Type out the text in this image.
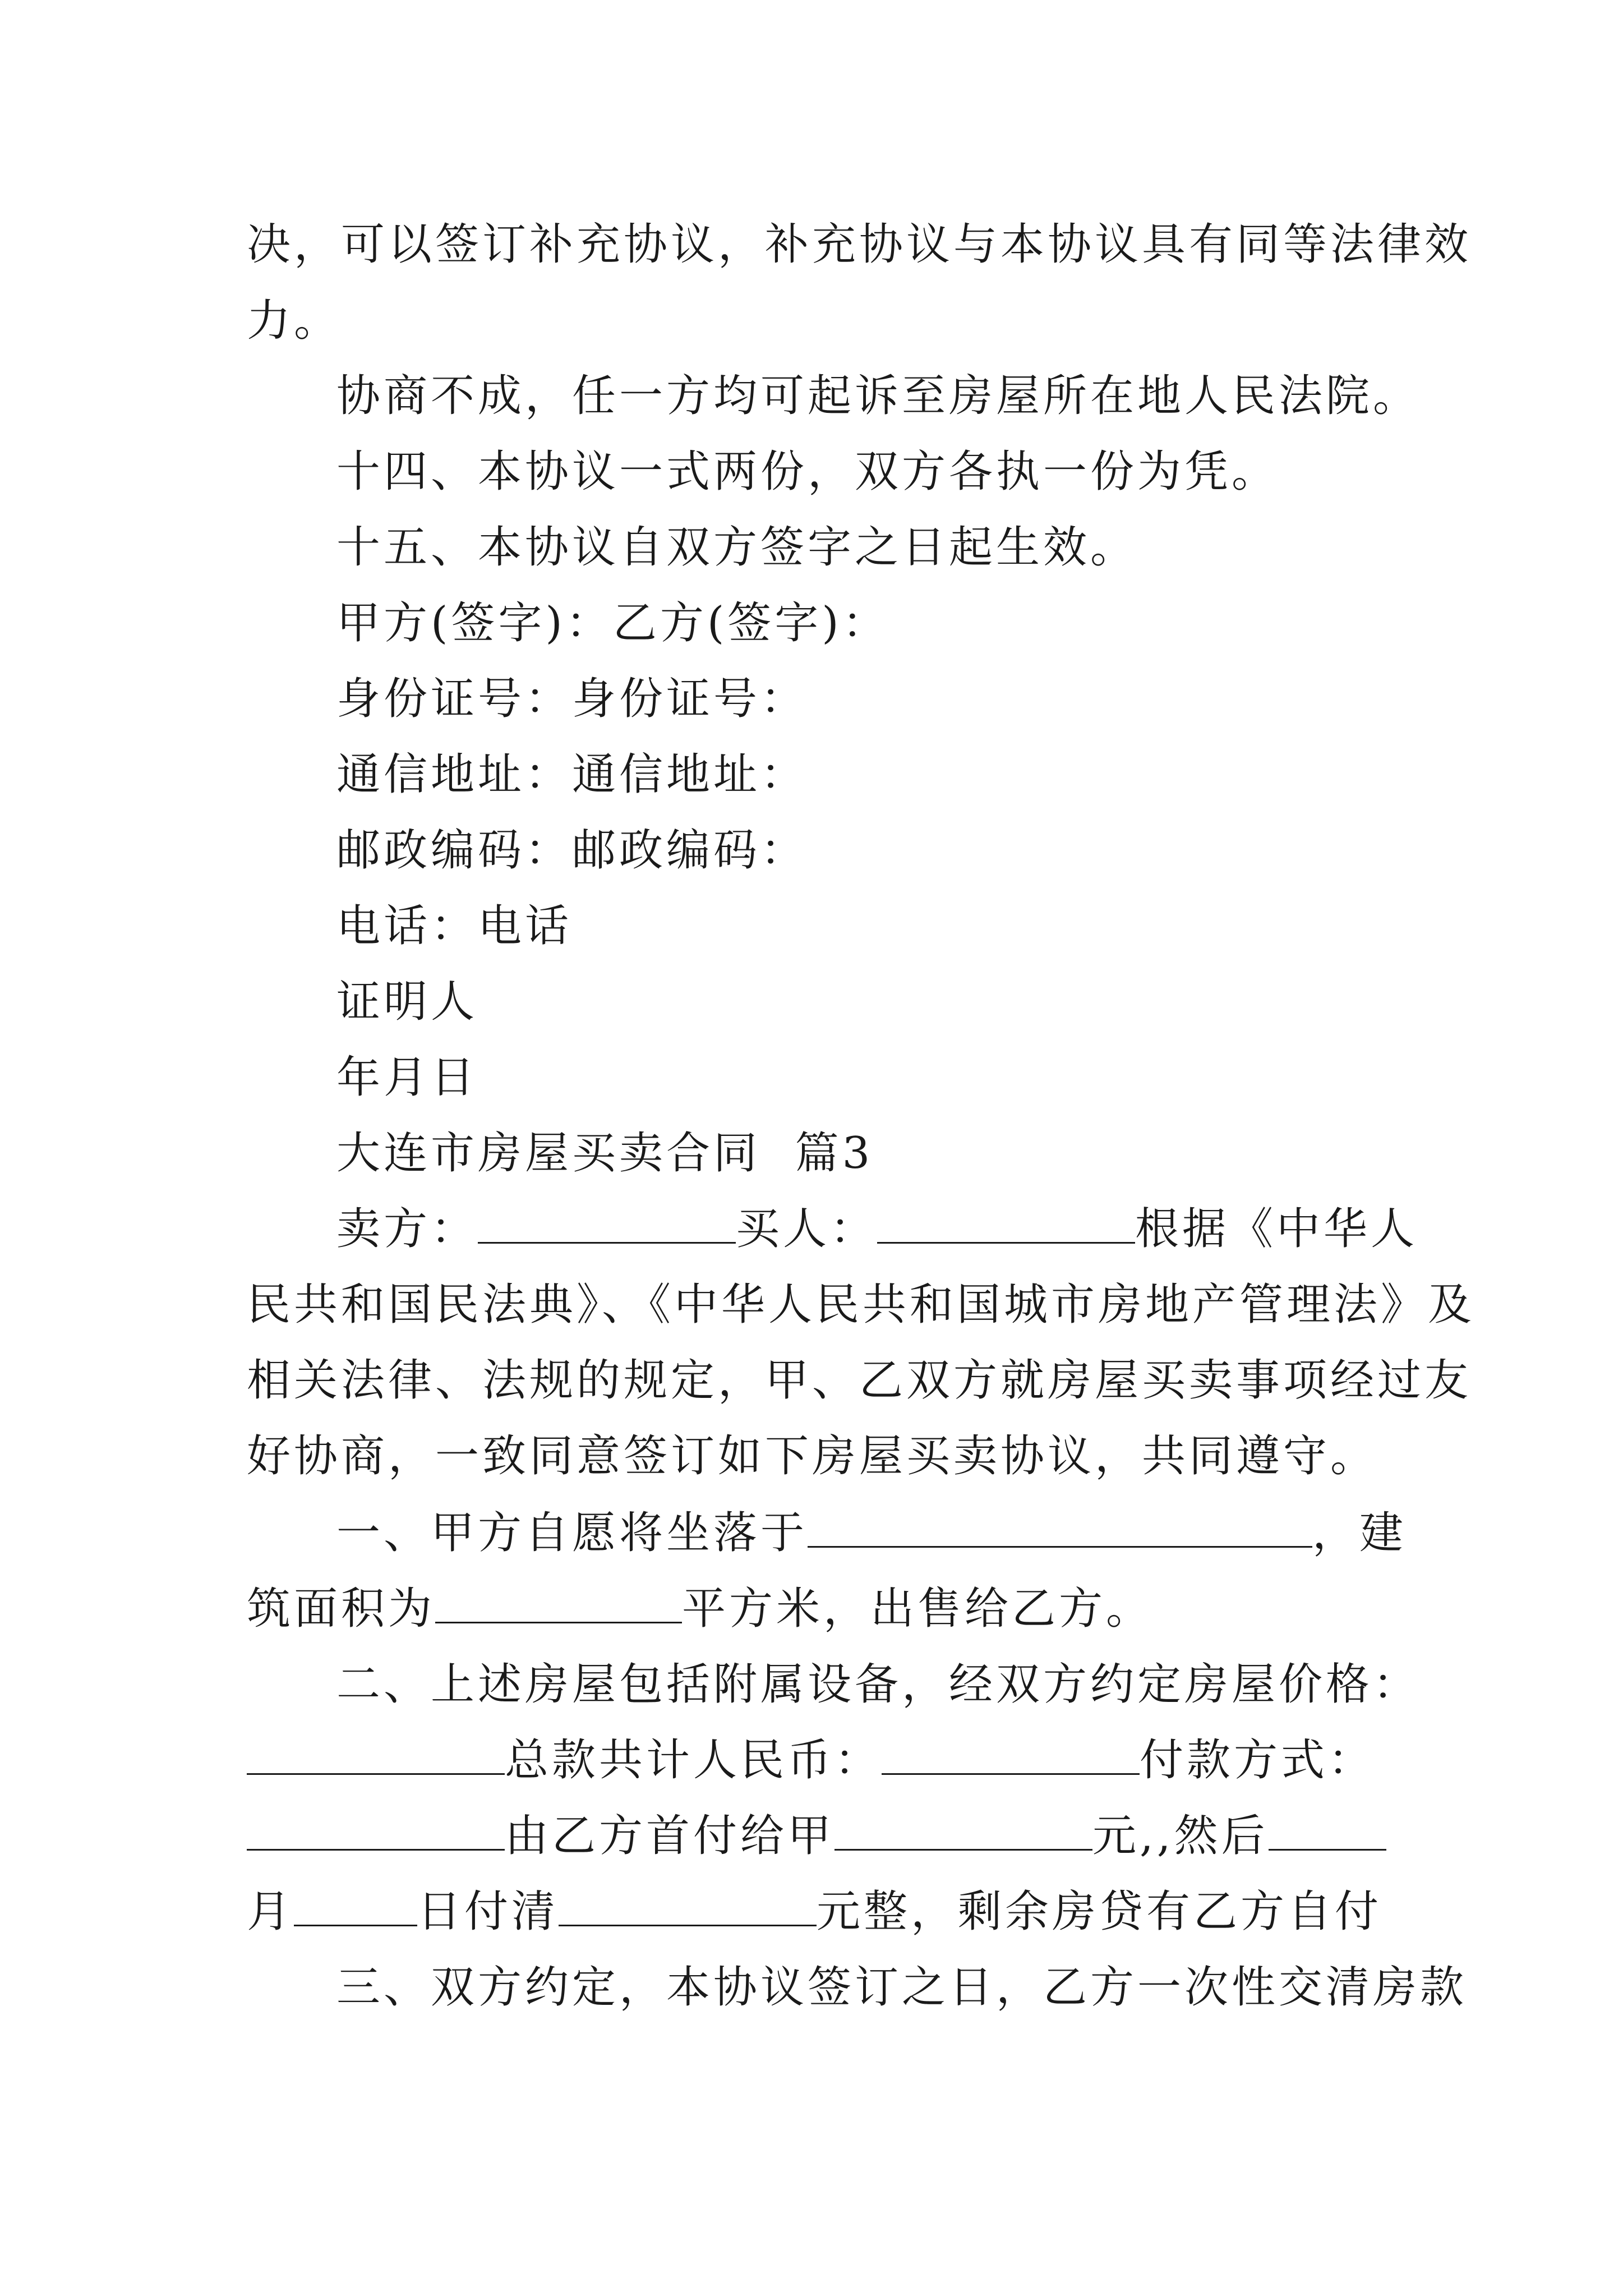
决，可以签订补充协议，补充协议与本协议具有同等法律效
力。
协商不成，任一方均可起诉至房屋所在地人民法院。
十四、本协议一式两份，双方各执一份为凭。
十五、本协议自双方签字之日起生效。
甲方(签字)：乙方(签字)：
身份证号：身份证号：
通信地址：通信地址：
邮政编码：邮政编码：
电话：电话
证明人
年月日
大连市房屋买卖合同  篇3
卖方：	买人：	根据《中华人
民共和国民法典》、《中华人民共和国城市房地产管理法》及
相关法律、法规的规定，甲、乙双方就房屋买卖事项经过友
好协商，一致同意签订如下房屋买卖协议，共同遵守。
一、甲方自愿将坐落于	，建
筑面积为	平方米，出售给乙方。
二、上述房屋包括附属设备，经双方约定房屋价格：
总款共计人民币：	付款方式：
由乙方首付给甲	元,,然后
月	日付清	元整，剩余房贷有乙方自付
三、双方约定，本协议签订之日，乙方一次性交清房款
